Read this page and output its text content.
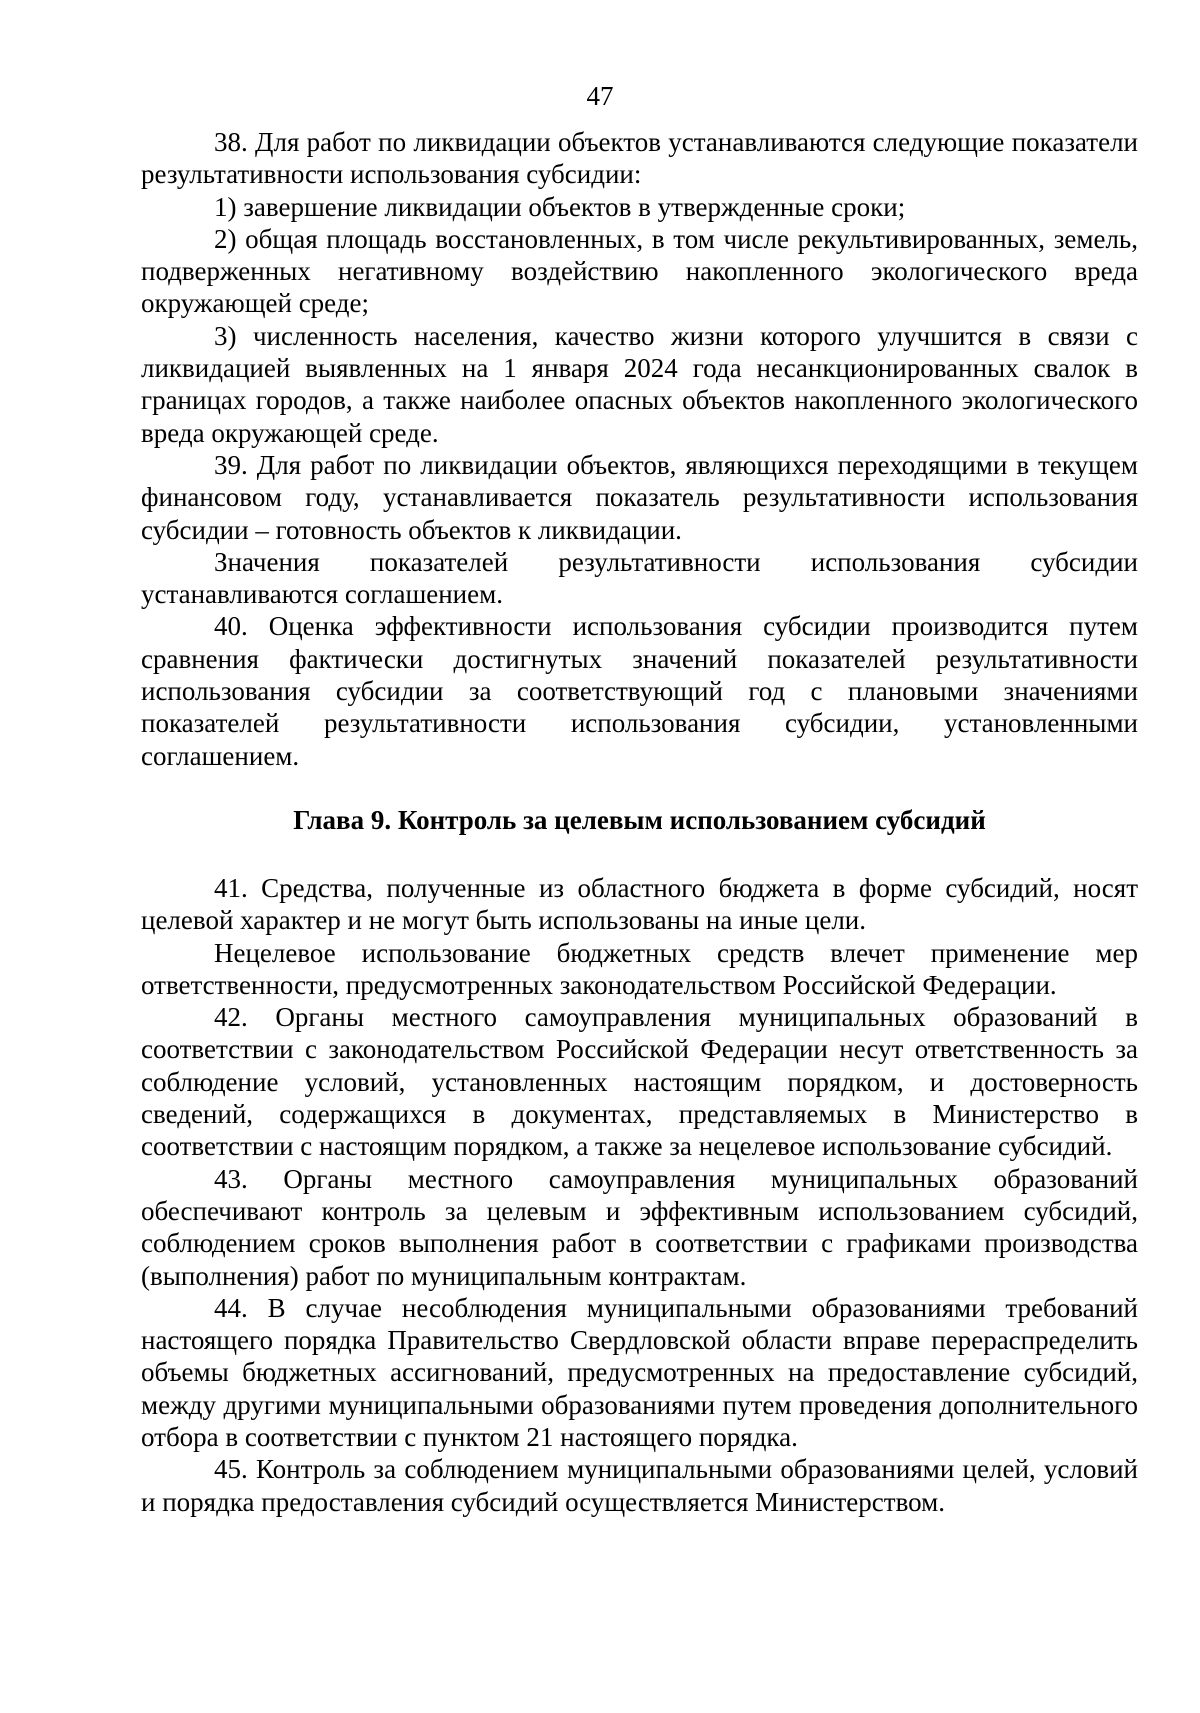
47

38. Для работ по ликвидации объектов устанавливаются следующие показатели результативности использования субсидии:

1) завершение ликвидации объектов в утвержденные сроки;

2) общая площадь восстановленных, в том числе рекультивированных, земель, подверженных негативному воздействию накопленного экологического вреда окружающей среде;

3) численность населения, качество жизни которого улучшится в связи с ликвидацией выявленных на 1 января 2024 года несанкционированных свалок в границах городов, а также наиболее опасных объектов накопленного экологического вреда окружающей среде.

39. Для работ по ликвидации объектов, являющихся переходящими в текущем финансовом году, устанавливается показатель результативности использования субсидии – готовность объектов к ликвидации.

Значения показателей результативности использования субсидии устанавливаются соглашением.

40. Оценка эффективности использования субсидии производится путем сравнения фактически достигнутых значений показателей результативности использования субсидии за соответствующий год с плановыми значениями показателей результативности использования субсидии, установленными соглашением.

Глава 9. Контроль за целевым использованием субсидий

41. Средства, полученные из областного бюджета в форме субсидий, носят целевой характер и не могут быть использованы на иные цели.

Нецелевое использование бюджетных средств влечет применение мер ответственности, предусмотренных законодательством Российской Федерации.

42. Органы местного самоуправления муниципальных образований в соответствии с законодательством Российской Федерации несут ответственность за соблюдение условий, установленных настоящим порядком, и достоверность сведений, содержащихся в документах, представляемых в Министерство в соответствии с настоящим порядком, а также за нецелевое использование субсидий.

43. Органы местного самоуправления муниципальных образований обеспечивают контроль за целевым и эффективным использованием субсидий, соблюдением сроков выполнения работ в соответствии с графиками производства (выполнения) работ по муниципальным контрактам.

44. В случае несоблюдения муниципальными образованиями требований настоящего порядка Правительство Свердловской области вправе перераспределить объемы бюджетных ассигнований, предусмотренных на предоставление субсидий, между другими муниципальными образованиями путем проведения дополнительного отбора в соответствии с пунктом 21 настоящего порядка.

45. Контроль за соблюдением муниципальными образованиями целей, условий и порядка предоставления субсидий осуществляется Министерством.
